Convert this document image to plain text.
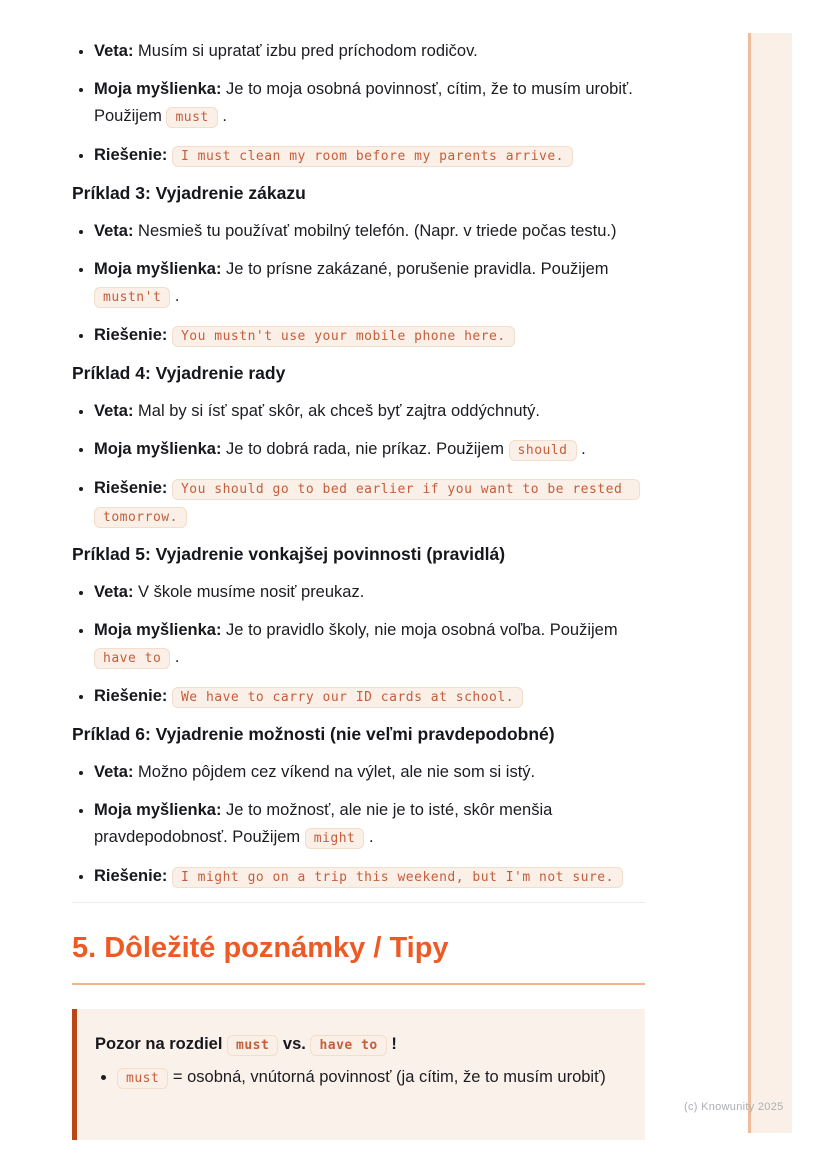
• Veta: Musím si upratať izbu pred príchodom rodičov.
• Moja myšlienka: Je to moja osobná povinnosť, cítim, že to musím urobiť. Použijem must .
• Riešenie: I must clean my room before my parents arrive.
Príklad 3: Vyjadrenie zákazu
• Veta: Nesmieš tu používať mobilný telefón. (Napr. v triede počas testu.)
• Moja myšlienka: Je to prísne zakázané, porušenie pravidla. Použijem mustn't .
• Riešenie: You mustn't use your mobile phone here.
Príklad 4: Vyjadrenie rady
• Veta: Mal by si ísť spať skôr, ak chceš byť zajtra oddýchnutý.
• Moja myšlienka: Je to dobrá rada, nie príkaz. Použijem should .
• Riešenie: You should go to bed earlier if you want to be rested tomorrow.
Príklad 5: Vyjadrenie vonkajšej povinnosti (pravidlá)
• Veta: V škole musíme nosiť preukaz.
• Moja myšlienka: Je to pravidlo školy, nie moja osobná voľba. Použijem have to .
• Riešenie: We have to carry our ID cards at school.
Príklad 6: Vyjadrenie možnosti (nie veľmi pravdepodobné)
• Veta: Možno pôjdem cez víkend na výlet, ale nie som si istý.
• Moja myšlienka: Je to možnosť, ale nie je to isté, skôr menšia pravdepodobnosť. Použijem might .
• Riešenie: I might go on a trip this weekend, but I'm not sure.
5. Dôležité poznámky / Tipy
Pozor na rozdiel must vs. have to !
• must = osobná, vnútorná povinnosť (ja cítim, že to musím urobiť)
(c) Knowunity 2025
